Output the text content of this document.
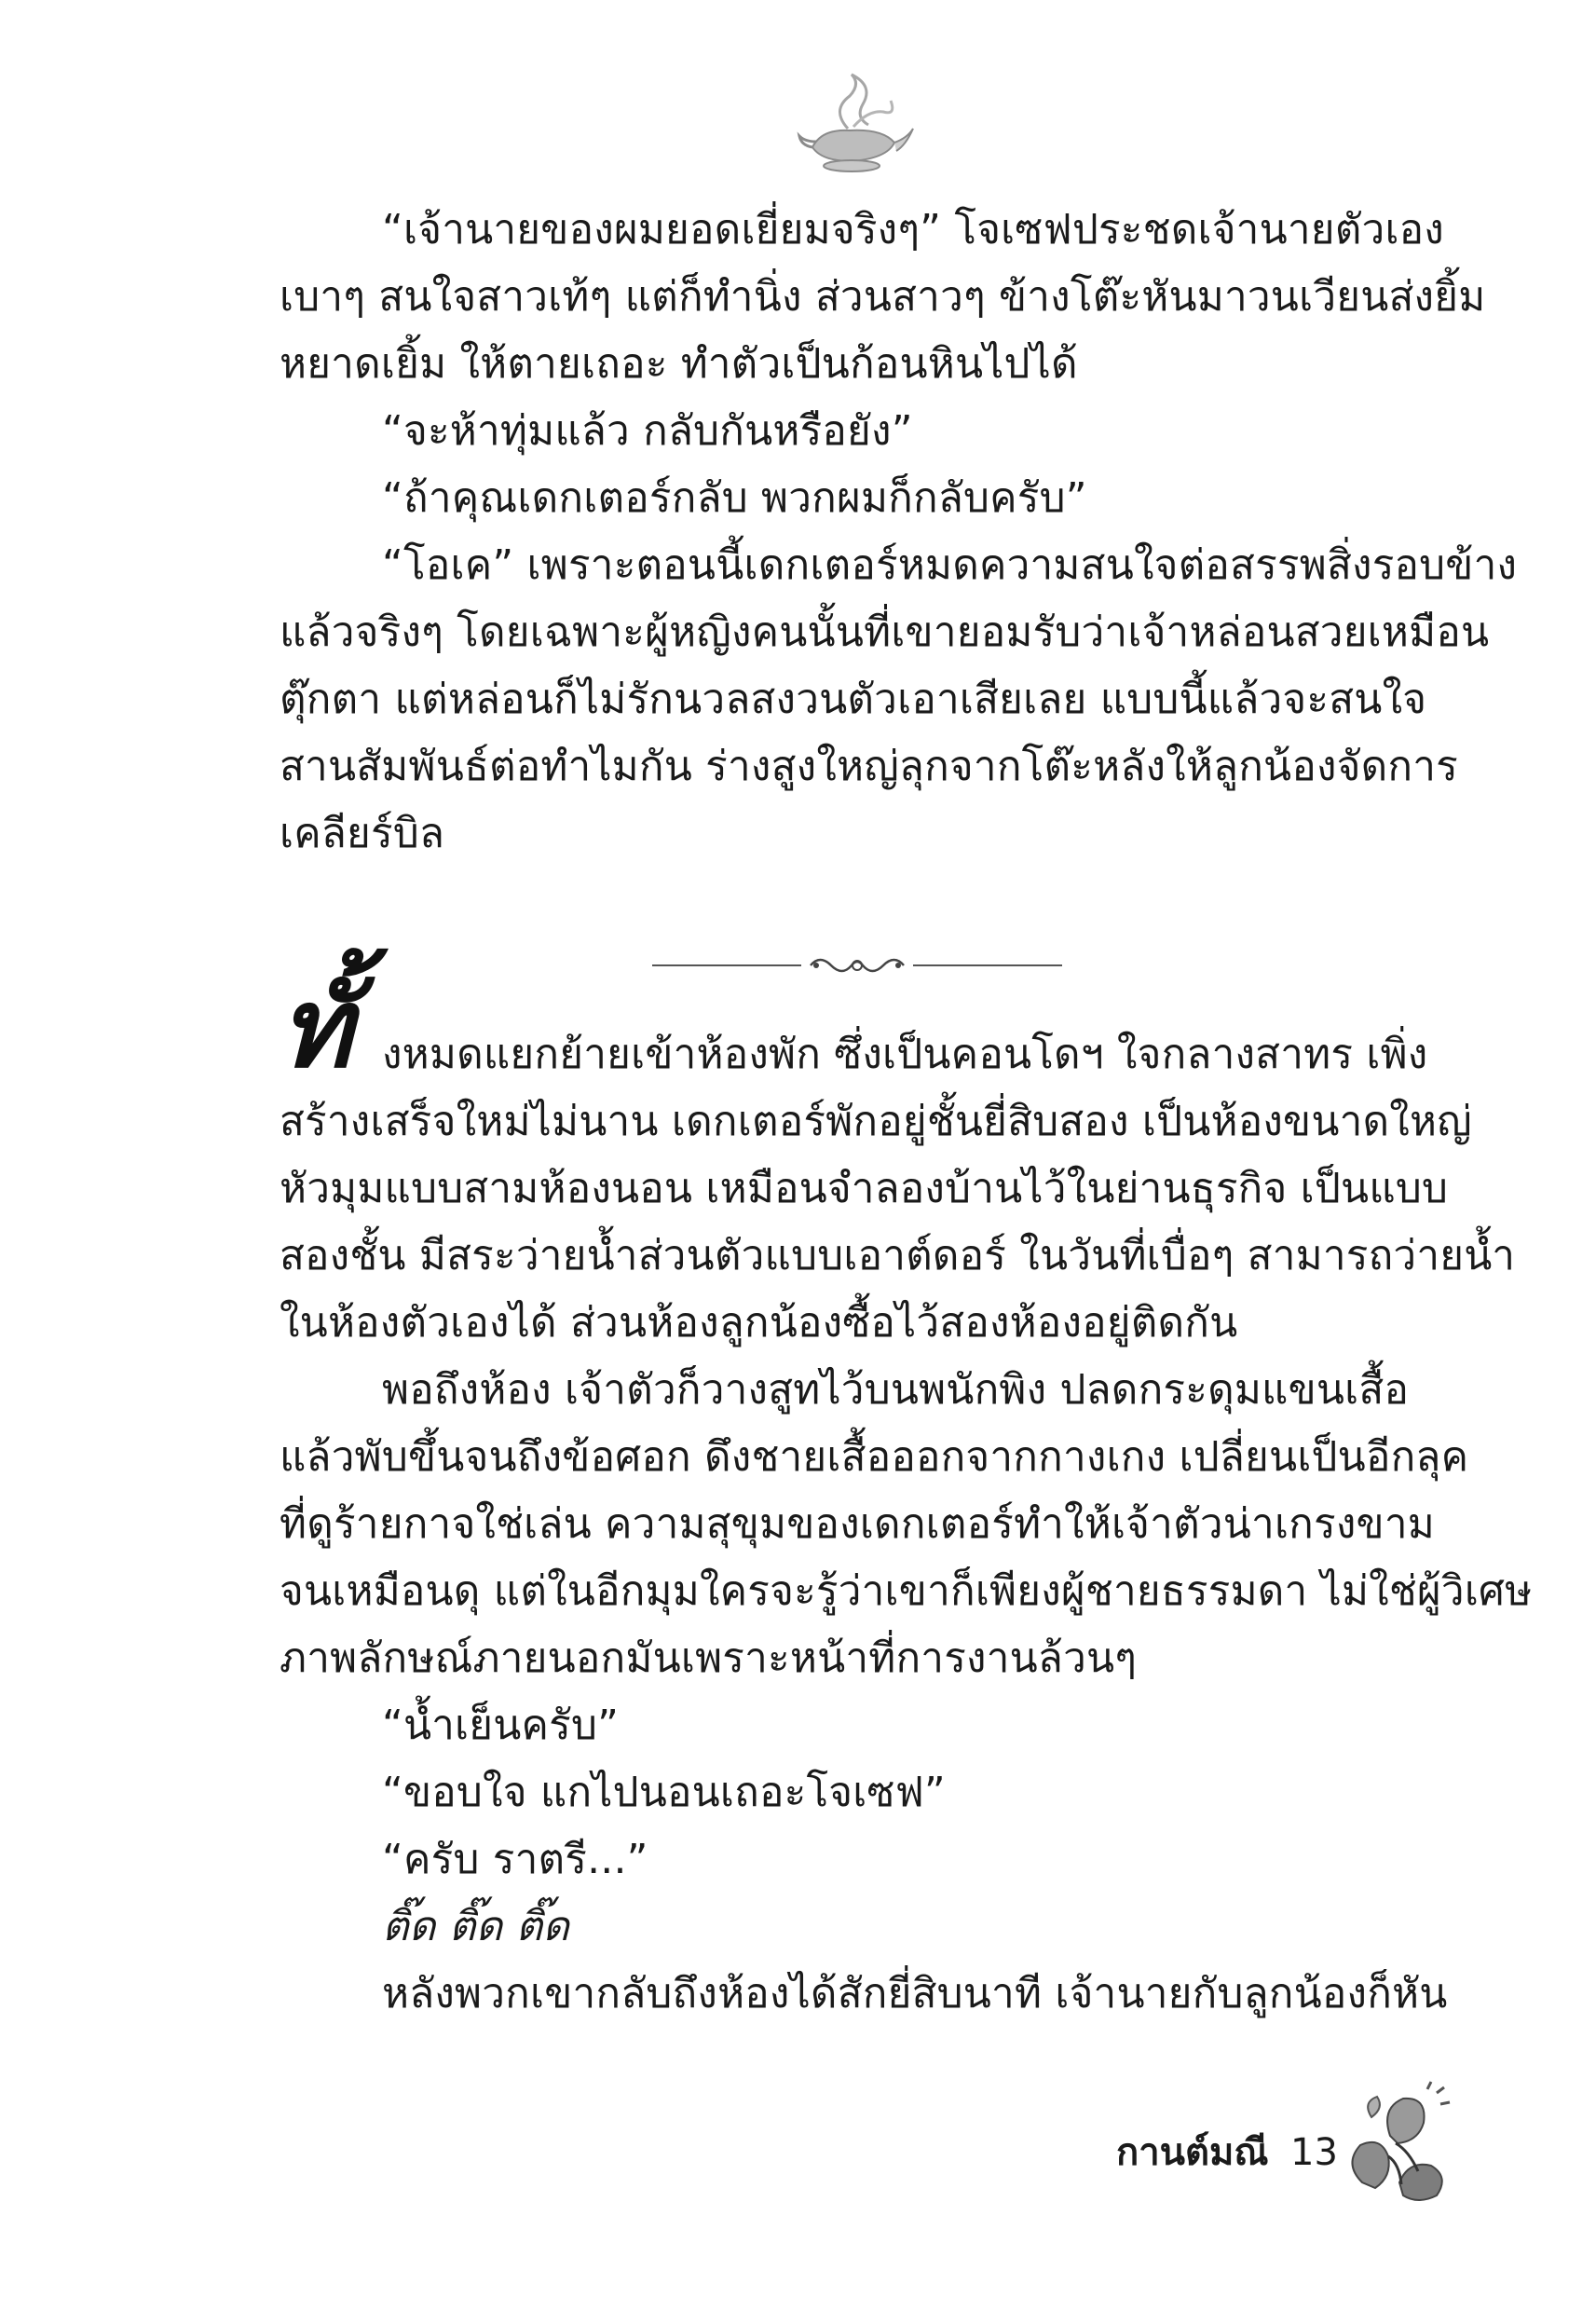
“เจ้านายของผมยอดเยี่ยมจริงๆ” โจเซฟประชดเจ้านายตัวเอง
เบาๆ สนใจสาวเท้ๆ แต่ก็ทำนิ่ง ส่วนสาวๆ ข้างโต๊ะหันมาวนเวียนส่งยิ้ม
หยาดเยิ้ม ให้ตายเถอะ ทำตัวเป็นก้อนหินไปได้
“จะห้าทุ่มแล้ว กลับกันหรือยัง”
“ถ้าคุณเดกเตอร์กลับ พวกผมก็กลับครับ”
“โอเค” เพราะตอนนี้เดกเตอร์หมดความสนใจต่อสรรพสิ่งรอบข้าง
แล้วจริงๆ โดยเฉพาะผู้หญิงคนนั้นที่เขายอมรับว่าเจ้าหล่อนสวยเหมือน
ตุ๊กตา แต่หล่อนก็ไม่รักนวลสงวนตัวเอาเสียเลย แบบนี้แล้วจะสนใจ
สานสัมพันธ์ต่อทำไมกัน ร่างสูงใหญ่ลุกจากโต๊ะหลังให้ลูกน้องจัดการ
เคลียร์บิล
ทั้ งหมดแยกย้ายเข้าห้องพัก ซึ่งเป็นคอนโดฯ ใจกลางสาทร เพิ่ง
สร้างเสร็จใหม่ไม่นาน เดกเตอร์พักอยู่ชั้นยี่สิบสอง เป็นห้องขนาดใหญ่
หัวมุมแบบสามห้องนอน เหมือนจำลองบ้านไว้ในย่านธุรกิจ เป็นแบบ
สองชั้น มีสระว่ายน้ำส่วนตัวแบบเอาต์ดอร์ ในวันที่เบื่อๆ สามารถว่ายน้ำ
ในห้องตัวเองได้ ส่วนห้องลูกน้องซื้อไว้สองห้องอยู่ติดกัน
พอถึงห้อง เจ้าตัวก็วางสูทไว้บนพนักพิง ปลดกระดุมแขนเสื้อ
แล้วพับขึ้นจนถึงข้อศอก ดึงชายเสื้อออกจากกางเกง เปลี่ยนเป็นอีกลุค
ที่ดูร้ายกาจใช่เล่น ความสุขุมของเดกเตอร์ทำให้เจ้าตัวน่าเกรงขาม
จนเหมือนดุ แต่ในอีกมุมใครจะรู้ว่าเขาก็เพียงผู้ชายธรรมดา ไม่ใช่ผู้วิเศษ
ภาพลักษณ์ภายนอกมันเพราะหน้าที่การงานล้วนๆ
“น้ำเย็นครับ”
“ขอบใจ แกไปนอนเถอะโจเซฟ”
“ครับ ราตรี...”
ติ๊ด ติ๊ด ติ๊ด
หลังพวกเขากลับถึงห้องได้สักยี่สิบนาที เจ้านายกับลูกน้องก็หัน
กานต์มณี 13
